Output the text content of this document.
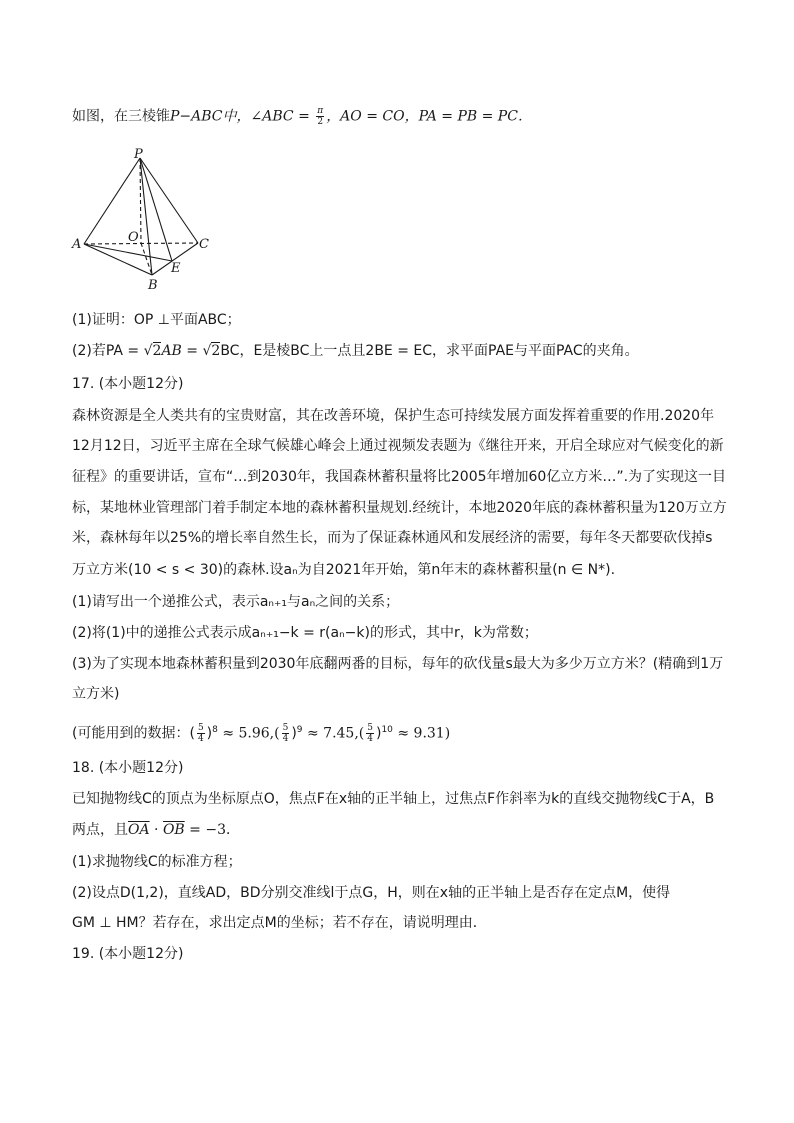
如图，在三棱锥P−ABC中，∠ABC = $\frac{\pi}{2}$ ，AO = CO，PA = PB = PC．
P
A	O	C
E
B
(1)证明：OP ⊥平面ABC；
(2)若PA = √2AB = √2BC，E是棱BC上一点且2BE = EC，求平面PAE与平面PAC的夹角。
17. (本小题12分)
森林资源是全人类共有的宝贵财富，其在改善环境，保护生态可持续发展方面发挥着重要的作用.2020年
12月12日，习近平主席在全球气候雄心峰会上通过视频发表题为《继往开来，开启全球应对气候变化的新
征程》的重要讲话，宣布“…到2030年，我国森林蓄积量将比2005年增加60亿立方米…”.为了实现这一目
标，某地林业管理部门着手制定本地的森林蓄积量规划.经统计，本地2020年底的森林蓄积量为120万立方
米，森林每年以25%的增长率自然生长，而为了保证森林通风和发展经济的需要，每年冬天都要砍伐掉s
万立方米(10 < s < 30)的森林.设aₙ为自2021年开始，第n年末的森林蓄积量(n ∈ N*).
(1)请写出一个递推公式，表示aₙ₊₁与aₙ之间的关系；
(2)将(1)中的递推公式表示成aₙ₊₁−k = r(aₙ−k)的形式，其中r，k为常数；
(3)为了实现本地森林蓄积量到2030年底翻两番的目标，每年的砍伐量s最大为多少万立方米？(精确到1万
立方米)
(可能用到的数据：( $\frac{5}{4} )^8 \approx 5.96,( \frac{5}{4} )^9 \approx 7.45,( \frac{5}{4} )^{10} \approx 9.31$)
18. (本小题12分)
已知抛物线C的顶点为坐标原点O，焦点F在x轴的正半轴上，过焦点F作斜率为k的直线交抛物线C于A，B
两点，且$\overline{OA} \cdot \overline{OB} = -3$．
(1)求抛物线C的标准方程；
(2)设点D(1,2)，直线AD，BD分别交准线l于点G，H，则在x轴的正半轴上是否存在定点M，使得
GM ⊥ HM？若存在，求出定点M的坐标；若不存在，请说明理由．
19. (本小题12分)
